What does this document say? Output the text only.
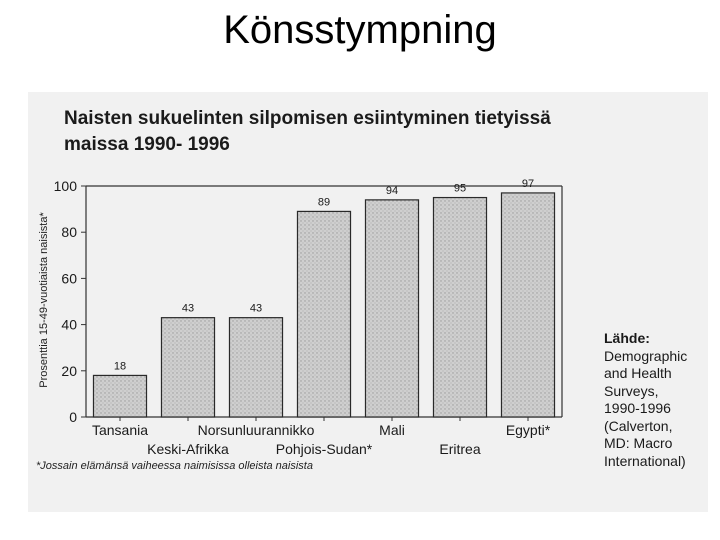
Könsstympning
Naisten sukuelinten silpomisen esiintyminen tietyissä maissa 1990- 1996
Prosenttia 15-49-vuotiaista naisista*
0
20
40
60
80
100
18
Tansania
43
Keski-Afrikka
43
Norsunluurannikko
89
Pohjois-Sudan*
94
Mali
95
Eritrea
97
Egypti*
Lähde:
Demographic
and Health
Surveys,
1990-1996
(Calverton,
MD: Macro
International)
*Jossain elämänsä vaiheessa naimisissa olleista naisista
